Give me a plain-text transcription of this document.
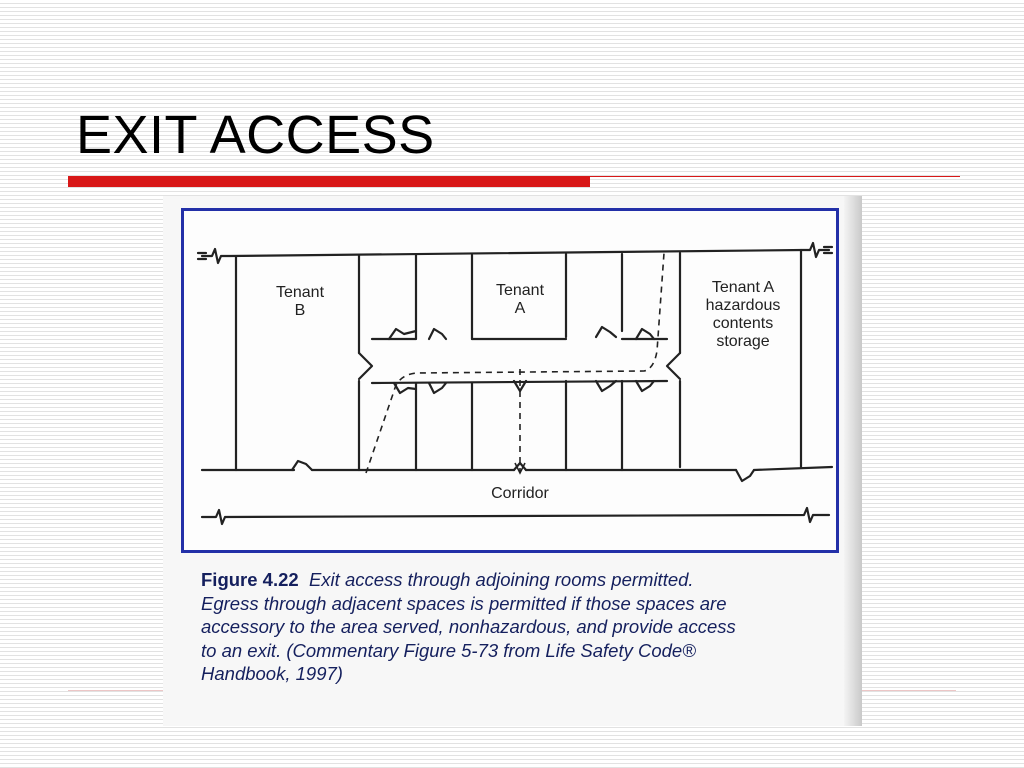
EXIT ACCESS
Tenant
B
Tenant
A
Tenant A
hazardous
contents
storage
Corridor

Figure 4.22 Exit access through adjoining rooms permitted.

Egress through adjacent spaces is permitted if those spaces are

accessory to the area served, nonhazardous, and provide access

to an exit. (Commentary Figure 5-73 from Life Safety Code®

Handbook, 1997)
